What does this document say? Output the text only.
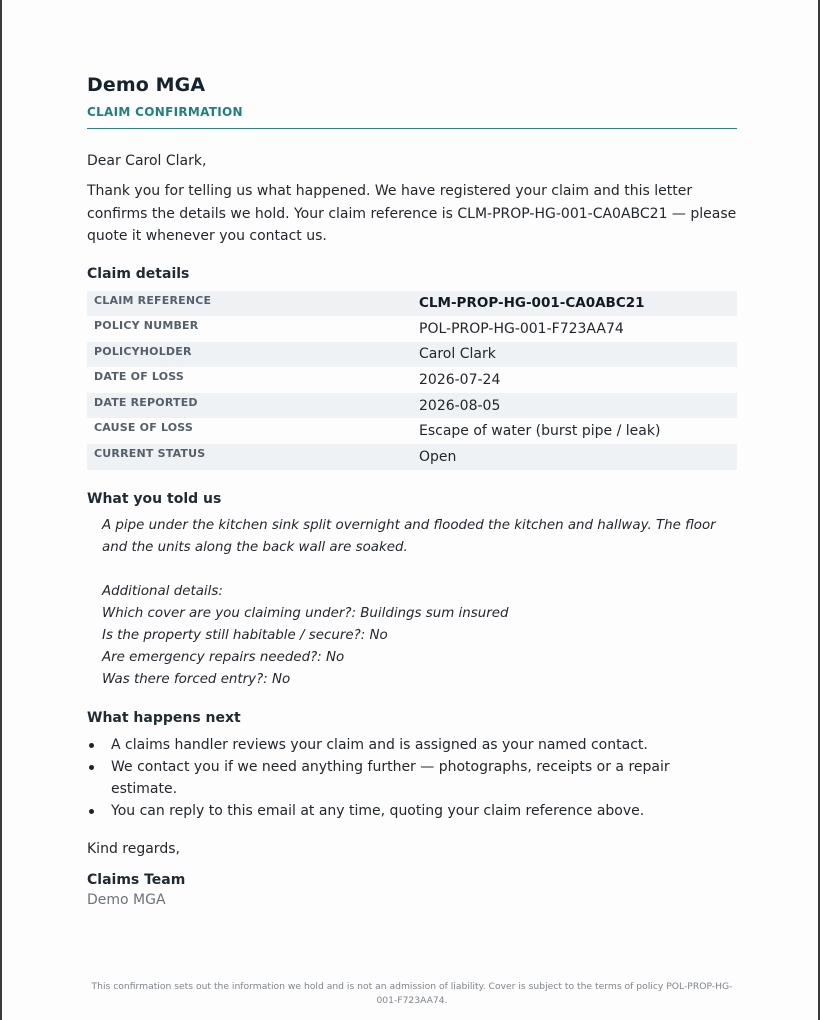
Demo MGA
CLAIM CONFIRMATION

Dear Carol Clark,

Thank you for telling us what happened. We have registered your claim and this letter confirms the details we hold. Your claim reference is CLM-PROP-HG-001-CA0ABC21 — please quote it whenever you contact us.

Claim details
CLAIM REFERENCE	CLM-PROP-HG-001-CA0ABC21
POLICY NUMBER	POL-PROP-HG-001-F723AA74
POLICYHOLDER	Carol Clark
DATE OF LOSS	2026-07-24
DATE REPORTED	2026-08-05
CAUSE OF LOSS	Escape of water (burst pipe / leak)
CURRENT STATUS	Open
What you told us

A pipe under the kitchen sink split overnight and flooded the kitchen and hallway. The floor and the units along the back wall are soaked.

Additional details:

Which cover are you claiming under?: Buildings sum insured

Is the property still habitable / secure?: No

Are emergency repairs needed?: No

Was there forced entry?: No

What happens next
A claims handler reviews your claim and is assigned as your named contact.
We contact you if we need anything further — photographs, receipts or a repair estimate.
You can reply to this email at any time, quoting your claim reference above.

Kind regards,

Claims Team

Demo MGA

This confirmation sets out the information we hold and is not an admission of liability. Cover is subject to the terms of policy POL-PROP-HG-001-F723AA74.
